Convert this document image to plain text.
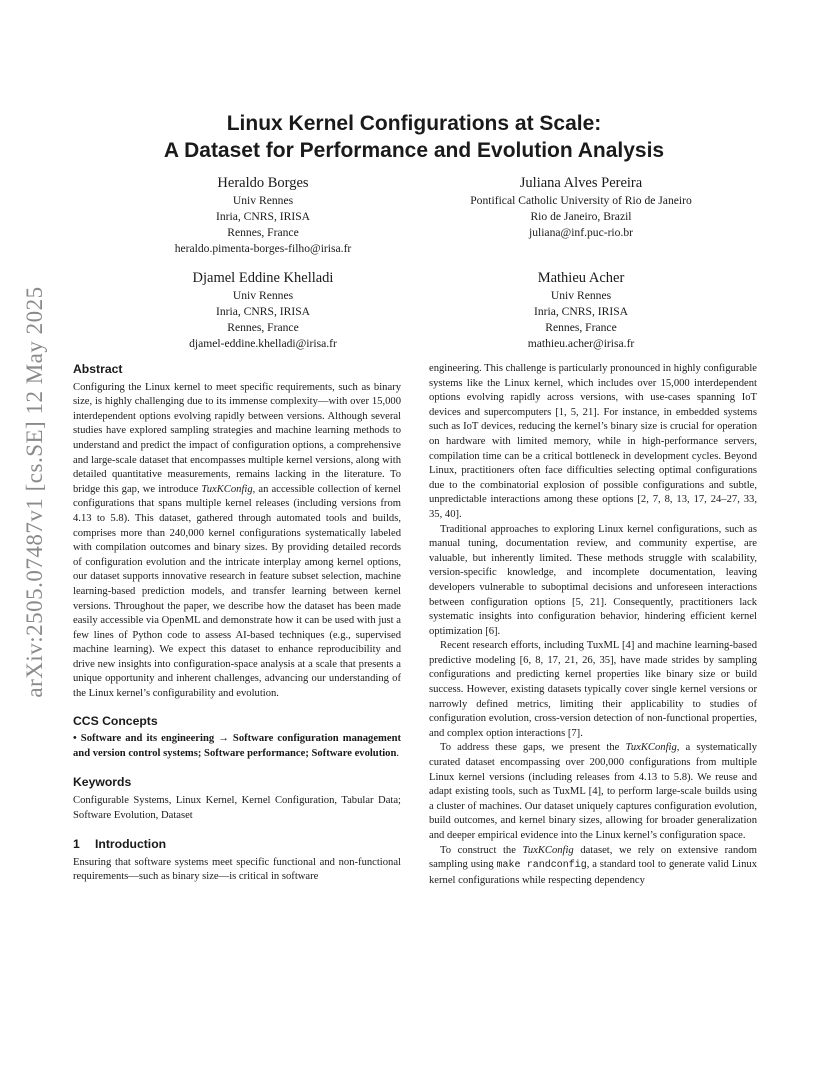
arXiv:2505.07487v1 [cs.SE] 12 May 2025
Linux Kernel Configurations at Scale:
A Dataset for Performance and Evolution Analysis
Heraldo Borges
Univ Rennes
Inria, CNRS, IRISA
Rennes, France
heraldo.pimenta-borges-filho@irisa.fr
Juliana Alves Pereira
Pontifical Catholic University of Rio de Janeiro
Rio de Janeiro, Brazil
juliana@inf.puc-rio.br
Djamel Eddine Khelladi
Univ Rennes
Inria, CNRS, IRISA
Rennes, France
djamel-eddine.khelladi@irisa.fr
Mathieu Acher
Univ Rennes
Inria, CNRS, IRISA
Rennes, France
mathieu.acher@irisa.fr
Abstract

Configuring the Linux kernel to meet specific requirements, such as binary size, is highly challenging due to its immense complexity—with over 15,000 interdependent options evolving rapidly between versions. Although several studies have explored sampling strategies and machine learning methods to understand and predict the impact of configuration options, a comprehensive and large-scale dataset that encompasses multiple kernel versions, along with detailed quantitative measurements, remains lacking in the literature. To bridge this gap, we introduce TuxKConfig, an accessible collection of kernel configurations that spans multiple kernel releases (including versions from 4.13 to 5.8). This dataset, gathered through automated tools and builds, comprises more than 240,000 kernel configurations systematically labeled with compilation outcomes and binary sizes. By providing detailed records of configuration evolution and the intricate interplay among kernel options, our dataset supports innovative research in feature subset selection, machine learning-based prediction models, and transfer learning between kernel versions. Throughout the paper, we describe how the dataset has been made easily accessible via OpenML and demonstrate how it can be used with just a few lines of Python code to assess AI-based techniques (e.g., supervised machine learning). We expect this dataset to enhance reproducibility and drive new insights into configuration-space analysis at a scale that presents a unique opportunity and inherent challenges, advancing our understanding of the Linux kernel’s configurability and evolution.

CCS Concepts

• Software and its engineering → Software configuration management and version control systems; Software performance; Software evolution.

Keywords

Configurable Systems, Linux Kernel, Kernel Configuration, Tabular Data; Software Evolution, Dataset

1 Introduction

Ensuring that software systems meet specific functional and non-functional requirements—such as binary size—is critical in software

engineering. This challenge is particularly pronounced in highly configurable systems like the Linux kernel, which includes over 15,000 interdependent options evolving rapidly across versions, with use-cases spanning IoT devices and supercomputers [1, 5, 21]. For instance, in embedded systems such as IoT devices, reducing the kernel’s binary size is crucial for operation on hardware with limited memory, while in high-performance servers, compilation time can be a critical bottleneck in development cycles. Beyond Linux, practitioners often face difficulties selecting optimal configurations due to the combinatorial explosion of possible configurations and subtle, unpredictable interactions among these options [2, 7, 8, 13, 17, 24–27, 33, 35, 40].

Traditional approaches to exploring Linux kernel configurations, such as manual tuning, documentation review, and community expertise, are valuable, but inherently limited. These methods struggle with scalability, version-specific knowledge, and incomplete documentation, leaving developers vulnerable to suboptimal decisions and unforeseen interactions between configuration options [5, 21]. Consequently, practitioners lack systematic insights into configuration behavior, hindering efficient kernel optimization [6].

Recent research efforts, including TuxML [4] and machine learning-based predictive modeling [6, 8, 17, 21, 26, 35], have made strides by sampling configurations and predicting kernel properties like binary size or build success. However, existing datasets typically cover single kernel versions or narrowly defined metrics, limiting their applicability to studies of configuration evolution, cross-version detection of non-functional properties, and complex option interactions [7].

To address these gaps, we present the TuxKConfig, a systematically curated dataset encompassing over 200,000 configurations from multiple Linux kernel versions (including releases from 4.13 to 5.8). We reuse and adapt existing tools, such as TuxML [4], to perform large-scale builds using a cluster of machines. Our dataset uniquely captures configuration evolution, build outcomes, and kernel binary sizes, allowing for broader generalization and deeper empirical evidence into the Linux kernel’s configuration space.

To construct the TuxKConfig dataset, we rely on extensive random sampling using make randconfig, a standard tool to generate valid Linux kernel configurations while respecting dependency
